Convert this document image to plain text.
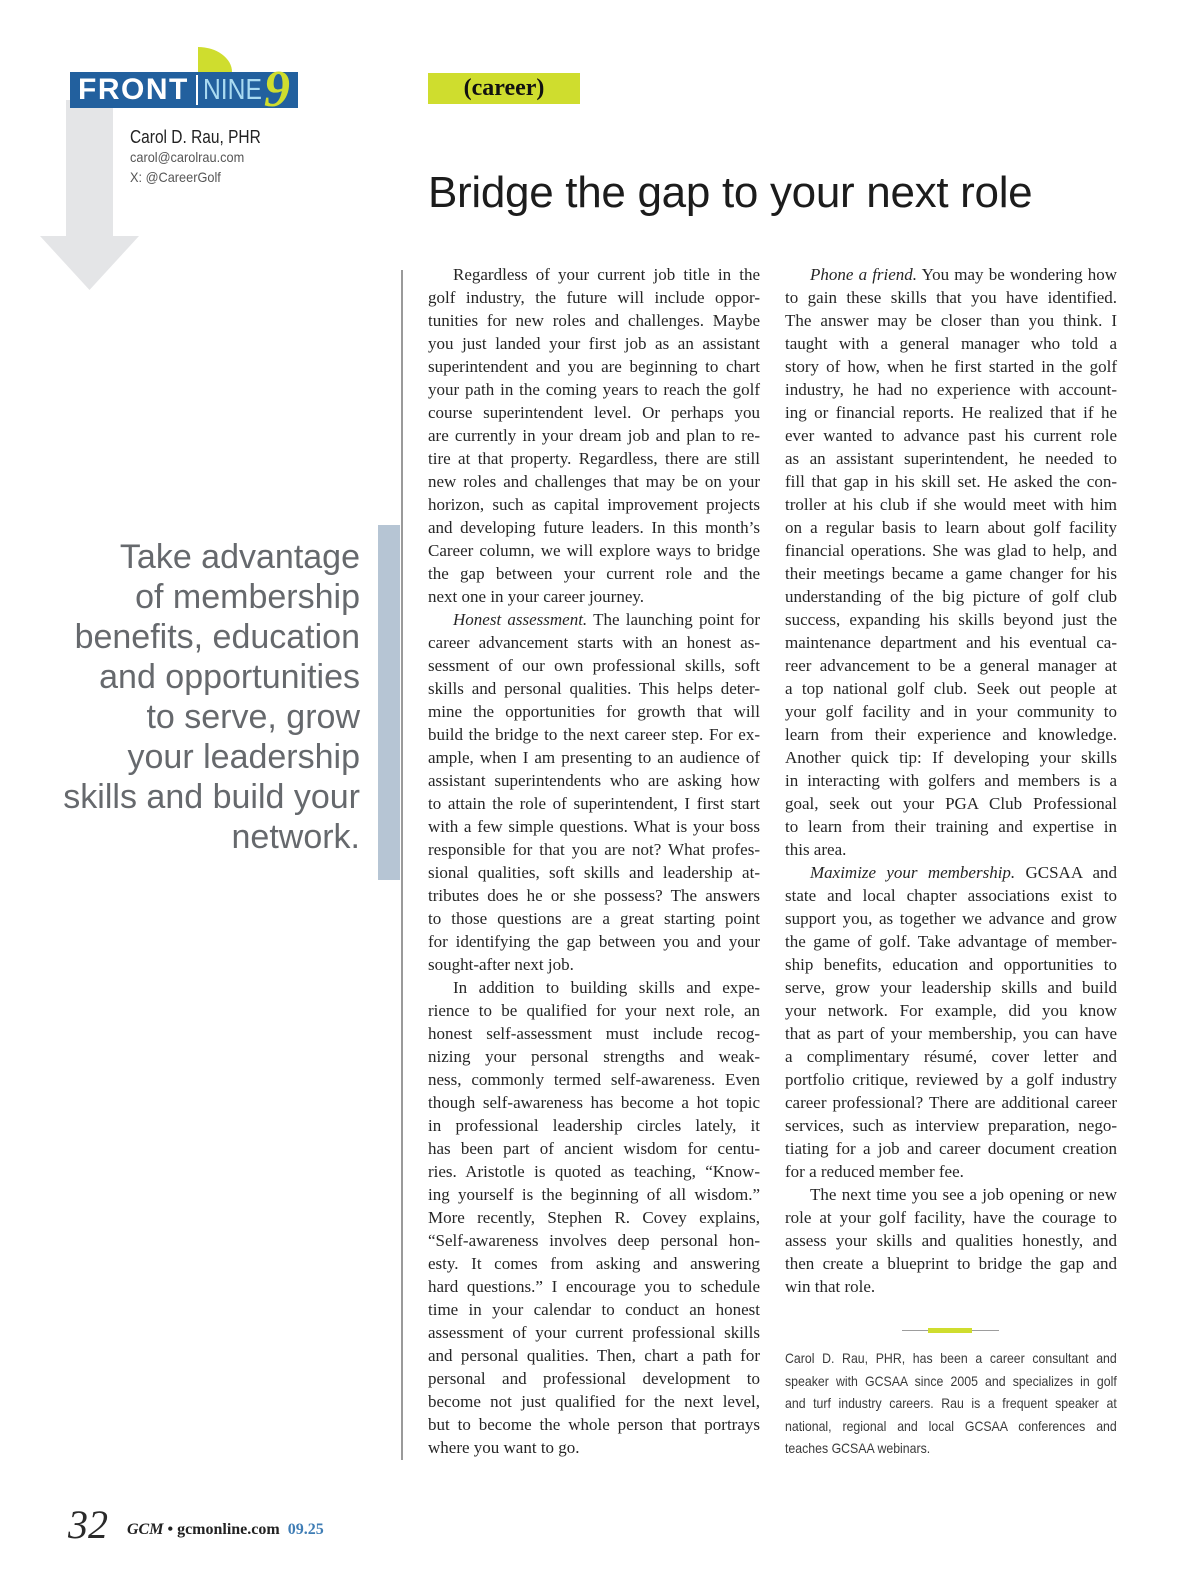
FRONT NINE 9
Carol D. Rau, PHR
carol@carolrau.com
X: @CareerGolf
(career)
Bridge the gap to your next role
Take advantage
of membership
benefits, education
and opportunities
to serve, grow
your leadership
skills and build your
network.
Regardless of your current job title in the
golf industry, the future will include oppor-
tunities for new roles and challenges. Maybe
you just landed your first job as an assistant
superintendent and you are beginning to chart
your path in the coming years to reach the golf
course superintendent level. Or perhaps you
are currently in your dream job and plan to re-
tire at that property. Regardless, there are still
new roles and challenges that may be on your
horizon, such as capital improvement projects
and developing future leaders. In this month’s
Career column, we will explore ways to bridge
the gap between your current role and the
next one in your career journey.
Honest assessment. The launching point for
career advancement starts with an honest as-
sessment of our own professional skills, soft
skills and personal qualities. This helps deter-
mine the opportunities for growth that will
build the bridge to the next career step. For ex-
ample, when I am presenting to an audience of
assistant superintendents who are asking how
to attain the role of superintendent, I first start
with a few simple questions. What is your boss
responsible for that you are not? What profes-
sional qualities, soft skills and leadership at-
tributes does he or she possess? The answers
to those questions are a great starting point
for identifying the gap between you and your
sought-after next job.
In addition to building skills and expe-
rience to be qualified for your next role, an
honest self-assessment must include recog-
nizing your personal strengths and weak-
ness, commonly termed self-awareness. Even
though self-awareness has become a hot topic
in professional leadership circles lately, it
has been part of ancient wisdom for centu-
ries. Aristotle is quoted as teaching, “Know-
ing yourself is the beginning of all wisdom.”
More recently, Stephen R. Covey explains,
“Self-awareness involves deep personal hon-
esty. It comes from asking and answering
hard questions.” I encourage you to schedule
time in your calendar to conduct an honest
assessment of your current professional skills
and personal qualities. Then, chart a path for
personal and professional development to
become not just qualified for the next level,
but to become the whole person that portrays
where you want to go.
Phone a friend. You may be wondering how
to gain these skills that you have identified.
The answer may be closer than you think. I
taught with a general manager who told a
story of how, when he first started in the golf
industry, he had no experience with account-
ing or financial reports. He realized that if he
ever wanted to advance past his current role
as an assistant superintendent, he needed to
fill that gap in his skill set. He asked the con-
troller at his club if she would meet with him
on a regular basis to learn about golf facility
financial operations. She was glad to help, and
their meetings became a game changer for his
understanding of the big picture of golf club
success, expanding his skills beyond just the
maintenance department and his eventual ca-
reer advancement to be a general manager at
a top national golf club. Seek out people at
your golf facility and in your community to
learn from their experience and knowledge.
Another quick tip: If developing your skills
in interacting with golfers and members is a
goal, seek out your PGA Club Professional
to learn from their training and expertise in
this area.
Maximize your membership. GCSAA and
state and local chapter associations exist to
support you, as together we advance and grow
the game of golf. Take advantage of member-
ship benefits, education and opportunities to
serve, grow your leadership skills and build
your network. For example, did you know
that as part of your membership, you can have
a complimentary résumé, cover letter and
portfolio critique, reviewed by a golf industry
career professional? There are additional career
services, such as interview preparation, nego-
tiating for a job and career document creation
for a reduced member fee.
The next time you see a job opening or new
role at your golf facility, have the courage to
assess your skills and qualities honestly, and
then create a blueprint to bridge the gap and
win that role.
Carol D. Rau, PHR, has been a career consultant and
speaker with GCSAA since 2005 and specializes in golf
and turf industry careers. Rau is a frequent speaker at
national, regional and local GCSAA conferences and
teaches GCSAA webinars.
32 GCM • gcmonline.com 09.25
